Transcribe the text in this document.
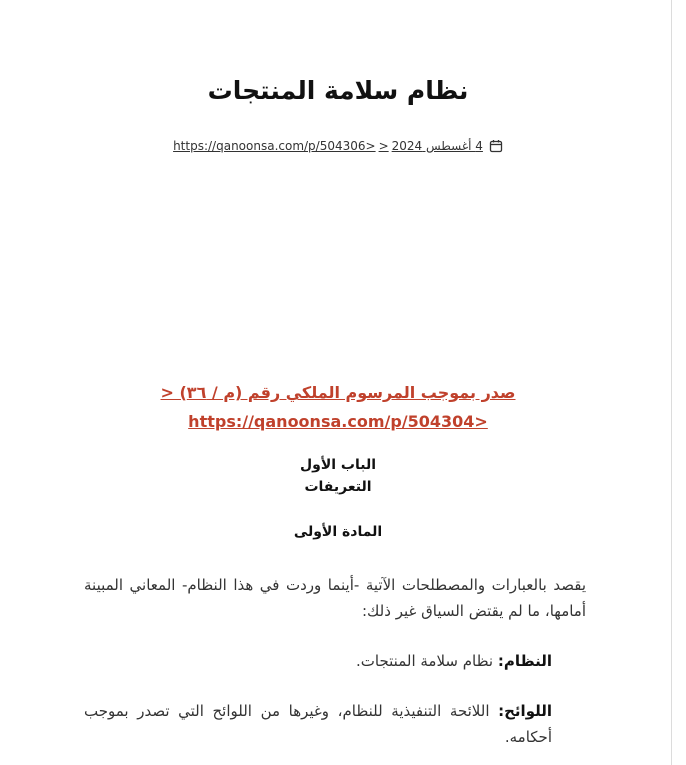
نظام سلامة المنتجات
4 أغسطس 2024<https://qanoonsa.com/p/504306>
صدر بموجب المرسوم الملكي رقم (م / ٣٦) <
https://qanoonsa.com/p/504304>
الباب الأول
التعريفات
المادة الأولى
يقصد بالعبارات والمصطلحات الآتية -أينما وردت في هذا النظام- المعاني المبينة أمامها، ما لم يقتض السياق غير ذلك:
النظام: نظام سلامة المنتجات.
اللوائح: اللائحة التنفيذية للنظام، وغيرها من اللوائح التي تصدر بموجب أحكامه.
